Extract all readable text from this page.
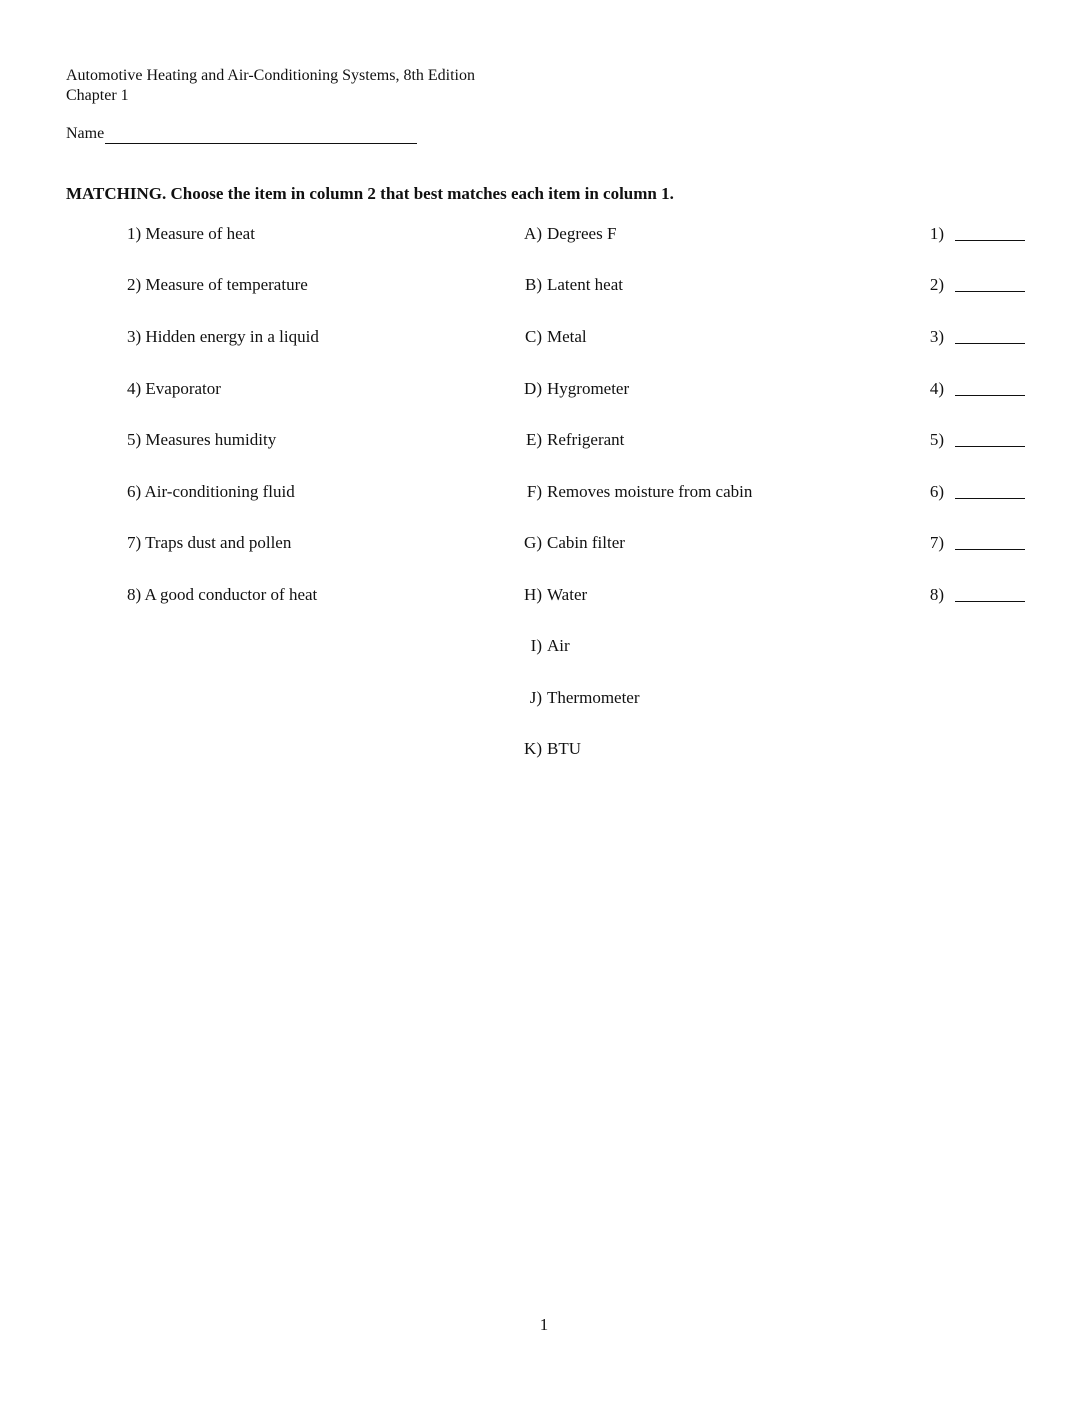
Automotive Heating and Air-Conditioning Systems, 8th Edition
Chapter 1
Name
MATCHING. Choose the item in column 2 that best matches each item in column 1.
1) Measure of heat	A) Degrees F	1)
2) Measure of temperature	B) Latent heat	2)
3) Hidden energy in a liquid	C) Metal	3)
4) Evaporator	D) Hygrometer	4)
5) Measures humidity	E) Refrigerant	5)
6) Air-conditioning fluid	F) Removes moisture from cabin	6)
7) Traps dust and pollen	G) Cabin filter	7)
8) A good conductor of heat	H) Water	8)
I) Air
J) Thermometer
K) BTU
1
